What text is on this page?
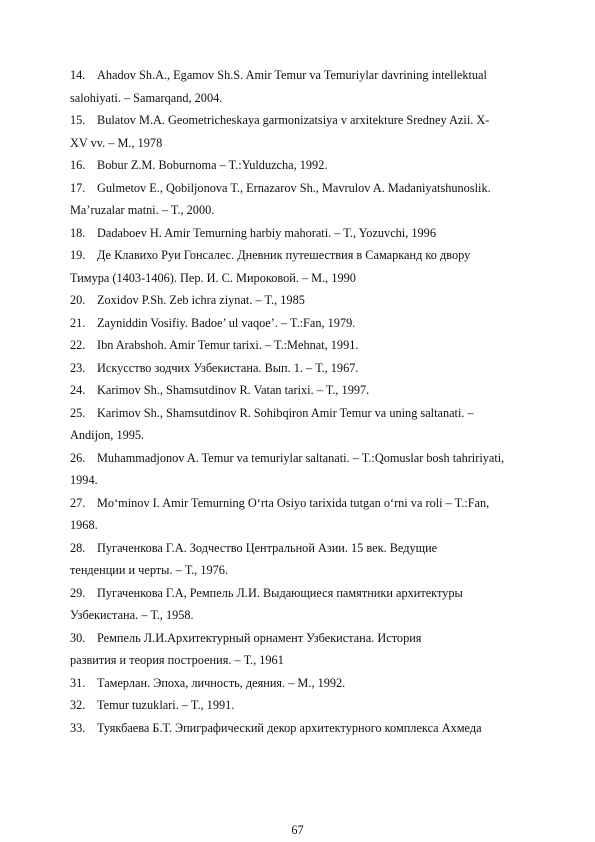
14. Ahadov Sh.A., Egamov Sh.S. Amir Temur va Temuriylar davrining intellektual
salohiyati. – Samarqand, 2004.
15. Bulatov M.A. Geometricheskaya garmonizatsiya v arxitekture Sredney Azii. X-
XV vv. – M., 1978
16. Bobur Z.M. Boburnoma – T.:Yulduzcha, 1992.
17. Gulmetov E., Qobiljonova T., Ernazarov Sh., Mavrulov A. Madaniyatshunoslik.
Ma’ruzalar matni. – T., 2000.
18. Dadaboev H. Amir Temurning harbiy mahorati. – T., Yozuvchi, 1996
19. Де Клавихо Руи Гонсалес. Дневник путешествия в Самарканд ко двору
Тимура (1403-1406). Пер. И. С. Мироковой. – М., 1990
20. Zoxidov P.Sh. Zeb ichra ziynat. – T., 1985
21. Zayniddin Vosifiy. Badoe’ ul vaqoe’. – T.:Fan, 1979.
22. Ibn Arabshoh. Amir Temur tarixi. – T.:Mehnat, 1991.
23. Искусство зодчих Узбекистана. Вып. 1. – Т., 1967.
24. Karimov Sh., Shamsutdinov R. Vatan tarixi. – T., 1997.
25. Karimov Sh., Shamsutdinov R. Sohibqiron Amir Temur va uning saltanati. –
Andijon, 1995.
26. Muhammadjonov A. Temur va temuriylar saltanati. – T.:Qomuslar bosh tahririyati,
1994.
27. Mo‘minov I. Amir Temurning O‘rta Osiyo tarixida tutgan o‘rni va roli – T.:Fan,
1968.
28. Пугаченкова Г.А. Зодчество Центральной Азии. 15 век. Ведущие
тенденции и черты. – Т., 1976.
29. Пугаченкова Г.А, Ремпель Л.И. Выдающиеся памятники архитектуры
Узбекистана. – Т., 1958.
30. Ремпель Л.И.Архитектурный орнамент Узбекистана. История
развития и теория построения. – Т., 1961
31. Тамерлан. Эпоха, личность, деяния. – М., 1992.
32. Temur tuzuklari. – T., 1991.
33. Туякбаева Б.Т. Эпиграфический декор архитектурного комплекса Ахмеда
67
